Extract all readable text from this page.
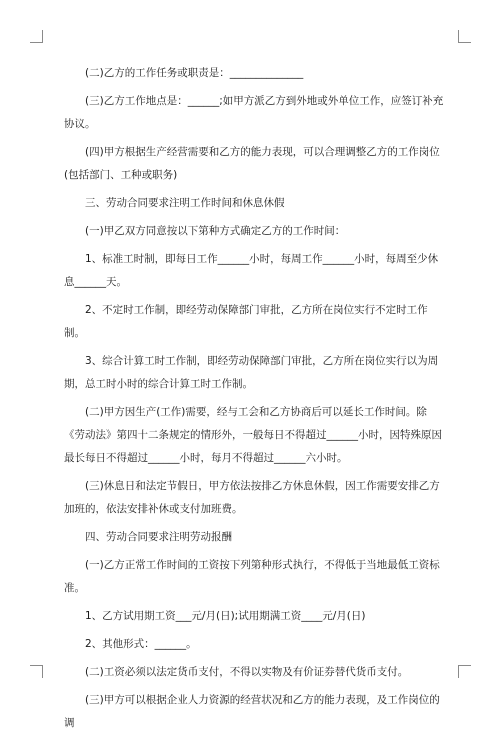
(二)乙方的工作任务或职责是：______________

(三)乙方工作地点是：______;如甲方派乙方到外地或外单位工作，应签订补充协议。

(四)甲方根据生产经营需要和乙方的能力表现，可以合理调整乙方的工作岗位(包括部门、工种或职务)

三、劳动合同要求注明工作时间和休息休假

(一)甲乙双方同意按以下第种方式确定乙方的工作时间：

1、标准工时制，即每日工作______小时，每周工作______小时，每周至少休息______天。

2、不定时工作制，即经劳动保障部门审批，乙方所在岗位实行不定时工作制。

3、综合计算工时工作制，即经劳动保障部门审批，乙方所在岗位实行以为周期，总工时小时的综合计算工时工作制。

(二)甲方因生产(工作)需要，经与工会和乙方协商后可以延长工作时间。除《劳动法》第四十二条规定的情形外，一般每日不得超过______小时，因特殊原因最长每日不得超过______小时，每月不得超过______六小时。

(三)休息日和法定节假日，甲方依法按排乙方休息休假，因工作需要安排乙方加班的，依法安排补休或支付加班费。

四、劳动合同要求注明劳动报酬

(一)乙方正常工作时间的工资按下列第种形式执行，不得低于当地最低工资标准。

1、乙方试用期工资___元/月(日);试用期满工资____元/月(日)

2、其他形式：______。

(二)工资必须以法定货币支付，不得以实物及有价证券替代货币支付。

(三)甲方可以根据企业人力资源的经营状况和乙方的能力表现，及工作岗位的调
